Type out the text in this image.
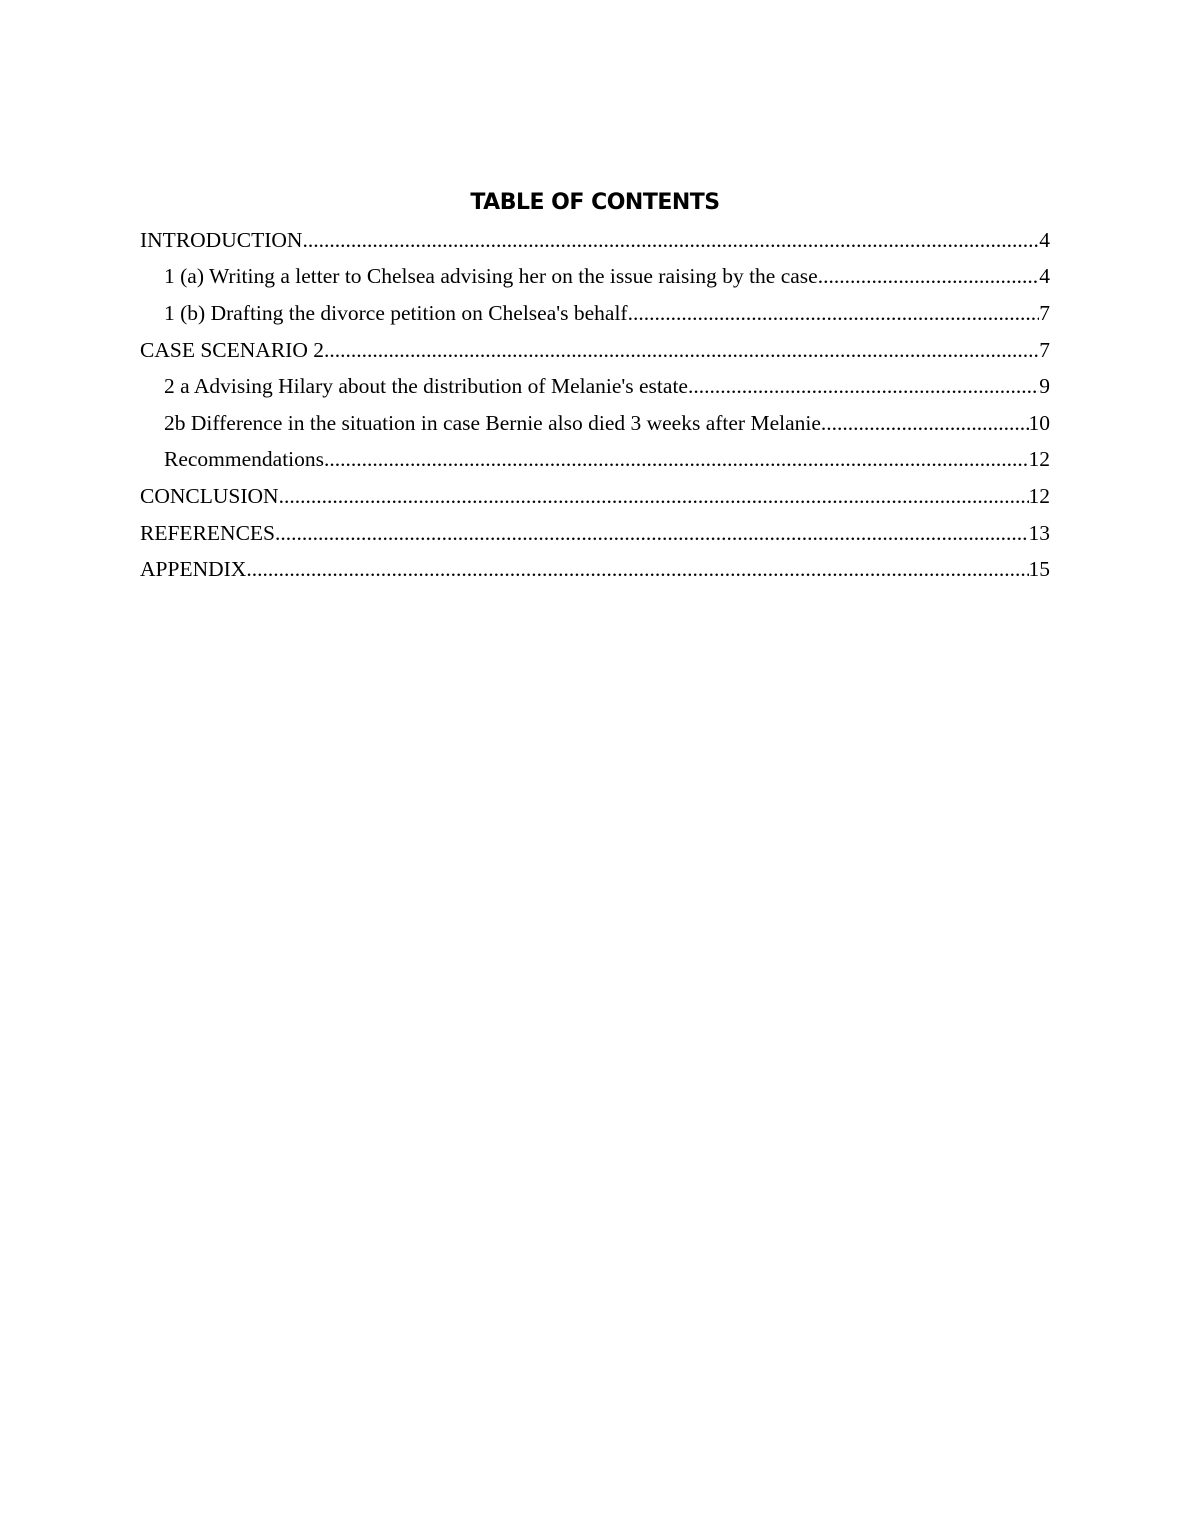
TABLE OF CONTENTS
INTRODUCTION .....	4
1 (a) Writing a letter to Chelsea advising her on the issue raising by the case .....	4
1 (b) Drafting the divorce petition on Chelsea's behalf .....	7
CASE SCENARIO 2 .....	7
2 a Advising Hilary about the distribution of Melanie's estate .....	9
2b Difference in the situation in case Bernie also died 3 weeks after Melanie .....	10
Recommendations .....	12
CONCLUSION .....	12
REFERENCES .....	13
APPENDIX .....	15
